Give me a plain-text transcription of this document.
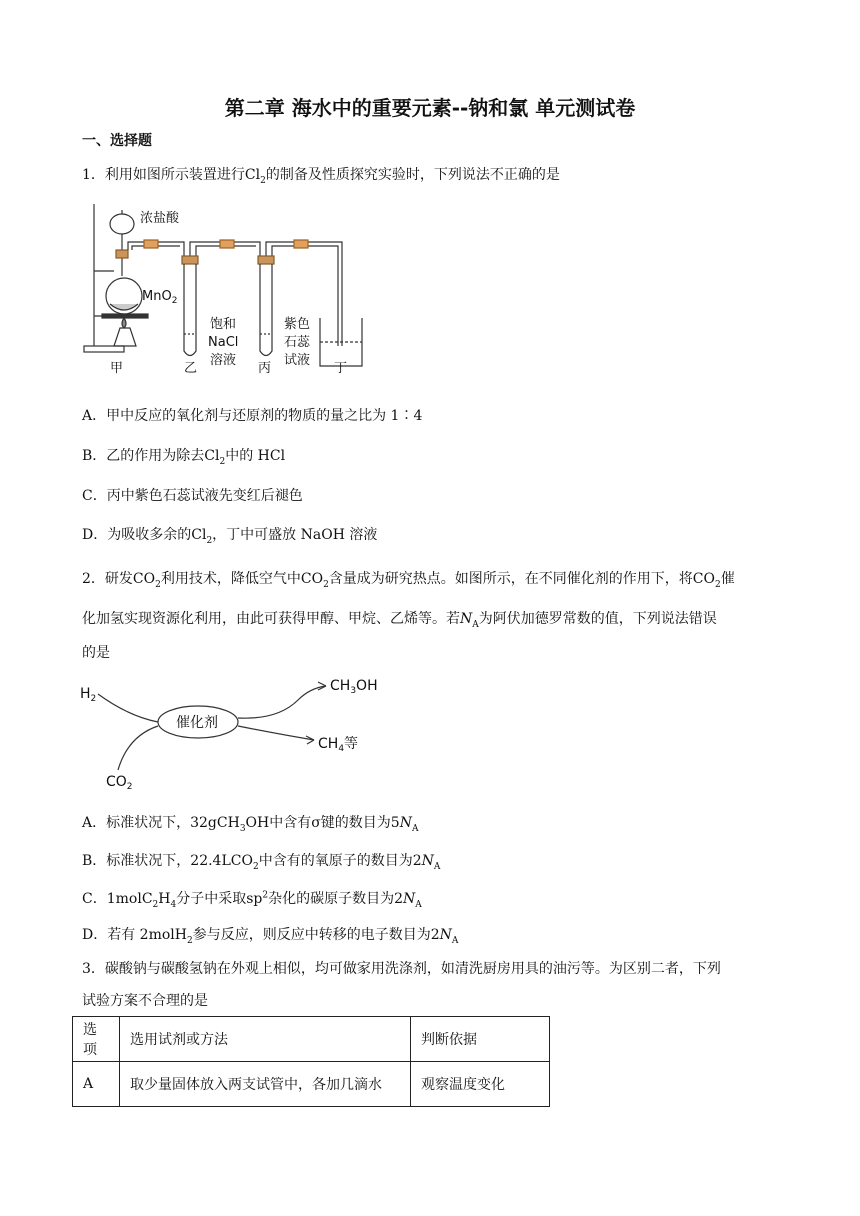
第二章 海水中的重要元素--钠和氯 单元测试卷
一、选择题
1．利用如图所示装置进行$Cl_2$的制备及性质探究实验时，下列说法不正确的是
浓盐酸
MnO$_2$
饱和
NaCl
溶液
紫色
石蕊
试液
甲	乙	丙	丁
A．甲中反应的氧化剂与还原剂的物质的量之比为 1∶4
B．乙的作用为除去$Cl_2$中的 HCl
C．丙中紫色石蕊试液先变红后褪色
D．为吸收多余的$Cl_2$，丁中可盛放 NaOH 溶液
2．研发$CO_2$利用技术，降低空气中$CO_2$含量成为研究热点。如图所示，在不同催化剂的作用下，将$CO_2$催
化加氢实现资源化利用，由此可获得甲醇、甲烷、乙烯等。若$N_A$为阿伏加德罗常数的值，下列说法错误
的是
$H_2$
催化剂
$CH_3OH$
$CH_4$等
$CO_2$
A．标准状况下，32gCH$_3$OH中含有σ键的数目为$5N_A$
B．标准状况下，$22.4LCO_2$中含有的氧原子的数目为$2N_A$
C．$1molC_2H_4$分子中采取$sp^2$杂化的碳原子数目为$2N_A$
D．若有 2molH$_2$参与反应，则反应中转移的电子数目为$2N_A$
3．碳酸钠与碳酸氢钠在外观上相似，均可做家用洗涤剂，如清洗厨房用具的油污等。为区别二者，下列
试验方案不合理的是
选项	选用试剂或方法	判断依据
A	取少量固体放入两支试管中，各加几滴水	观察温度变化
